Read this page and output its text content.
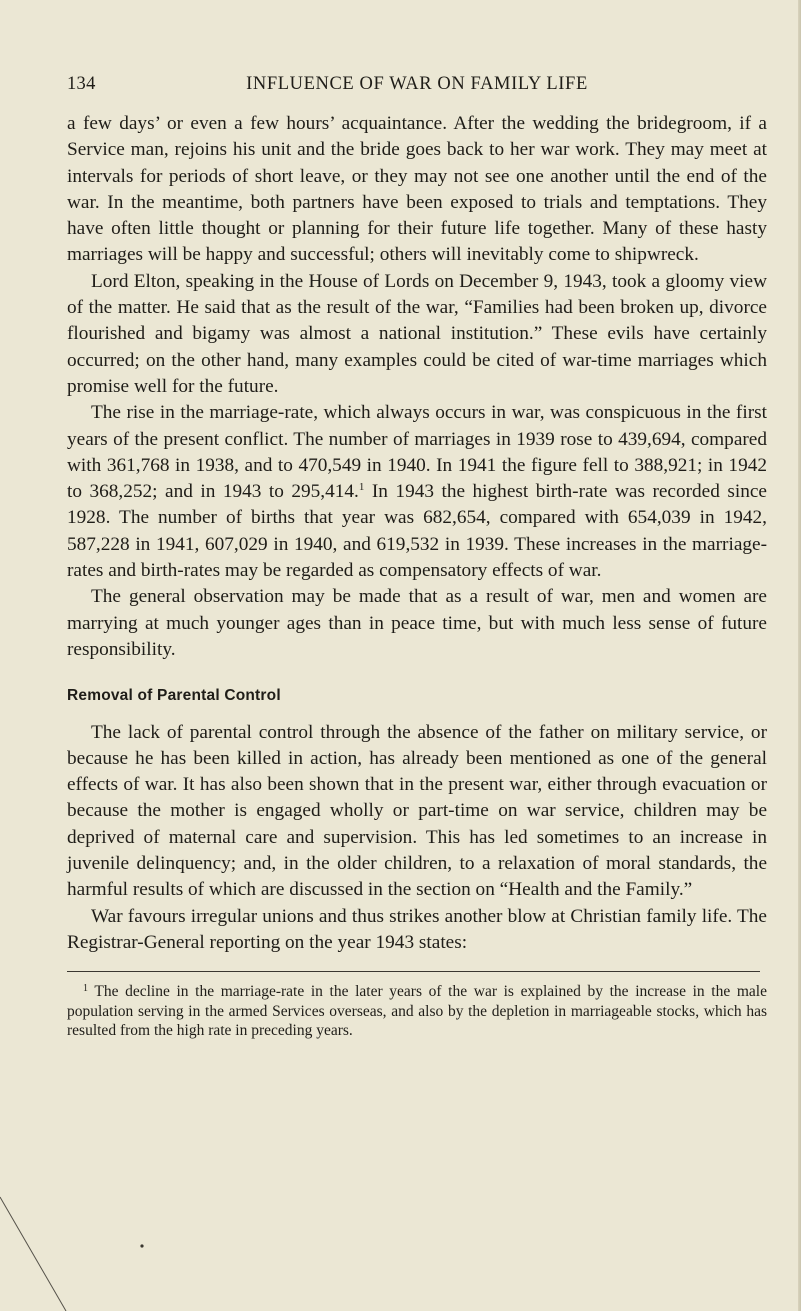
134	INFLUENCE OF WAR ON FAMILY LIFE

a few days’ or even a few hours’ acquaintance. After the wedding the bridegroom, if a Service man, rejoins his unit and the bride goes back to her war work. They may meet at intervals for periods of short leave, or they may not see one another until the end of the war. In the meantime, both partners have been exposed to trials and temptations. They have often little thought or planning for their future life together. Many of these hasty marriages will be happy and successful; others will inevitably come to shipwreck.

Lord Elton, speaking in the House of Lords on December 9, 1943, took a gloomy view of the matter. He said that as the result of the war, “Families had been broken up, divorce flourished and bigamy was almost a national institution.” These evils have certainly occurred; on the other hand, many examples could be cited of war-time marriages which promise well for the future.

The rise in the marriage-rate, which always occurs in war, was conspicuous in the first years of the present conflict. The number of marriages in 1939 rose to 439,694, compared with 361,768 in 1938, and to 470,549 in 1940. In 1941 the figure fell to 388,921; in 1942 to 368,252; and in 1943 to 295,414.$^1$ In 1943 the highest birth-rate was recorded since 1928. The number of births that year was 682,654, compared with 654,039 in 1942, 587,228 in 1941, 607,029 in 1940, and 619,532 in 1939. These increases in the marriage-rates and birth-rates may be regarded as compensatory effects of war.

The general observation may be made that as a result of war, men and women are marrying at much younger ages than in peace time, but with much less sense of future responsibility.

Removal of Parental Control

The lack of parental control through the absence of the father on military service, or because he has been killed in action, has already been mentioned as one of the general effects of war. It has also been shown that in the present war, either through evacuation or because the mother is engaged wholly or part-time on war service, children may be deprived of maternal care and supervision. This has led sometimes to an increase in juvenile delinquency; and, in the older children, to a relaxation of moral standards, the harmful results of which are discussed in the section on “Health and the Family.”

War favours irregular unions and thus strikes another blow at Christian family life. The Registrar-General reporting on the year 1943 states:

$^1$ The decline in the marriage-rate in the later years of the war is explained by the increase in the male population serving in the armed Services overseas, and also by the depletion in marriageable stocks, which has resulted from the high rate in preceding years.
